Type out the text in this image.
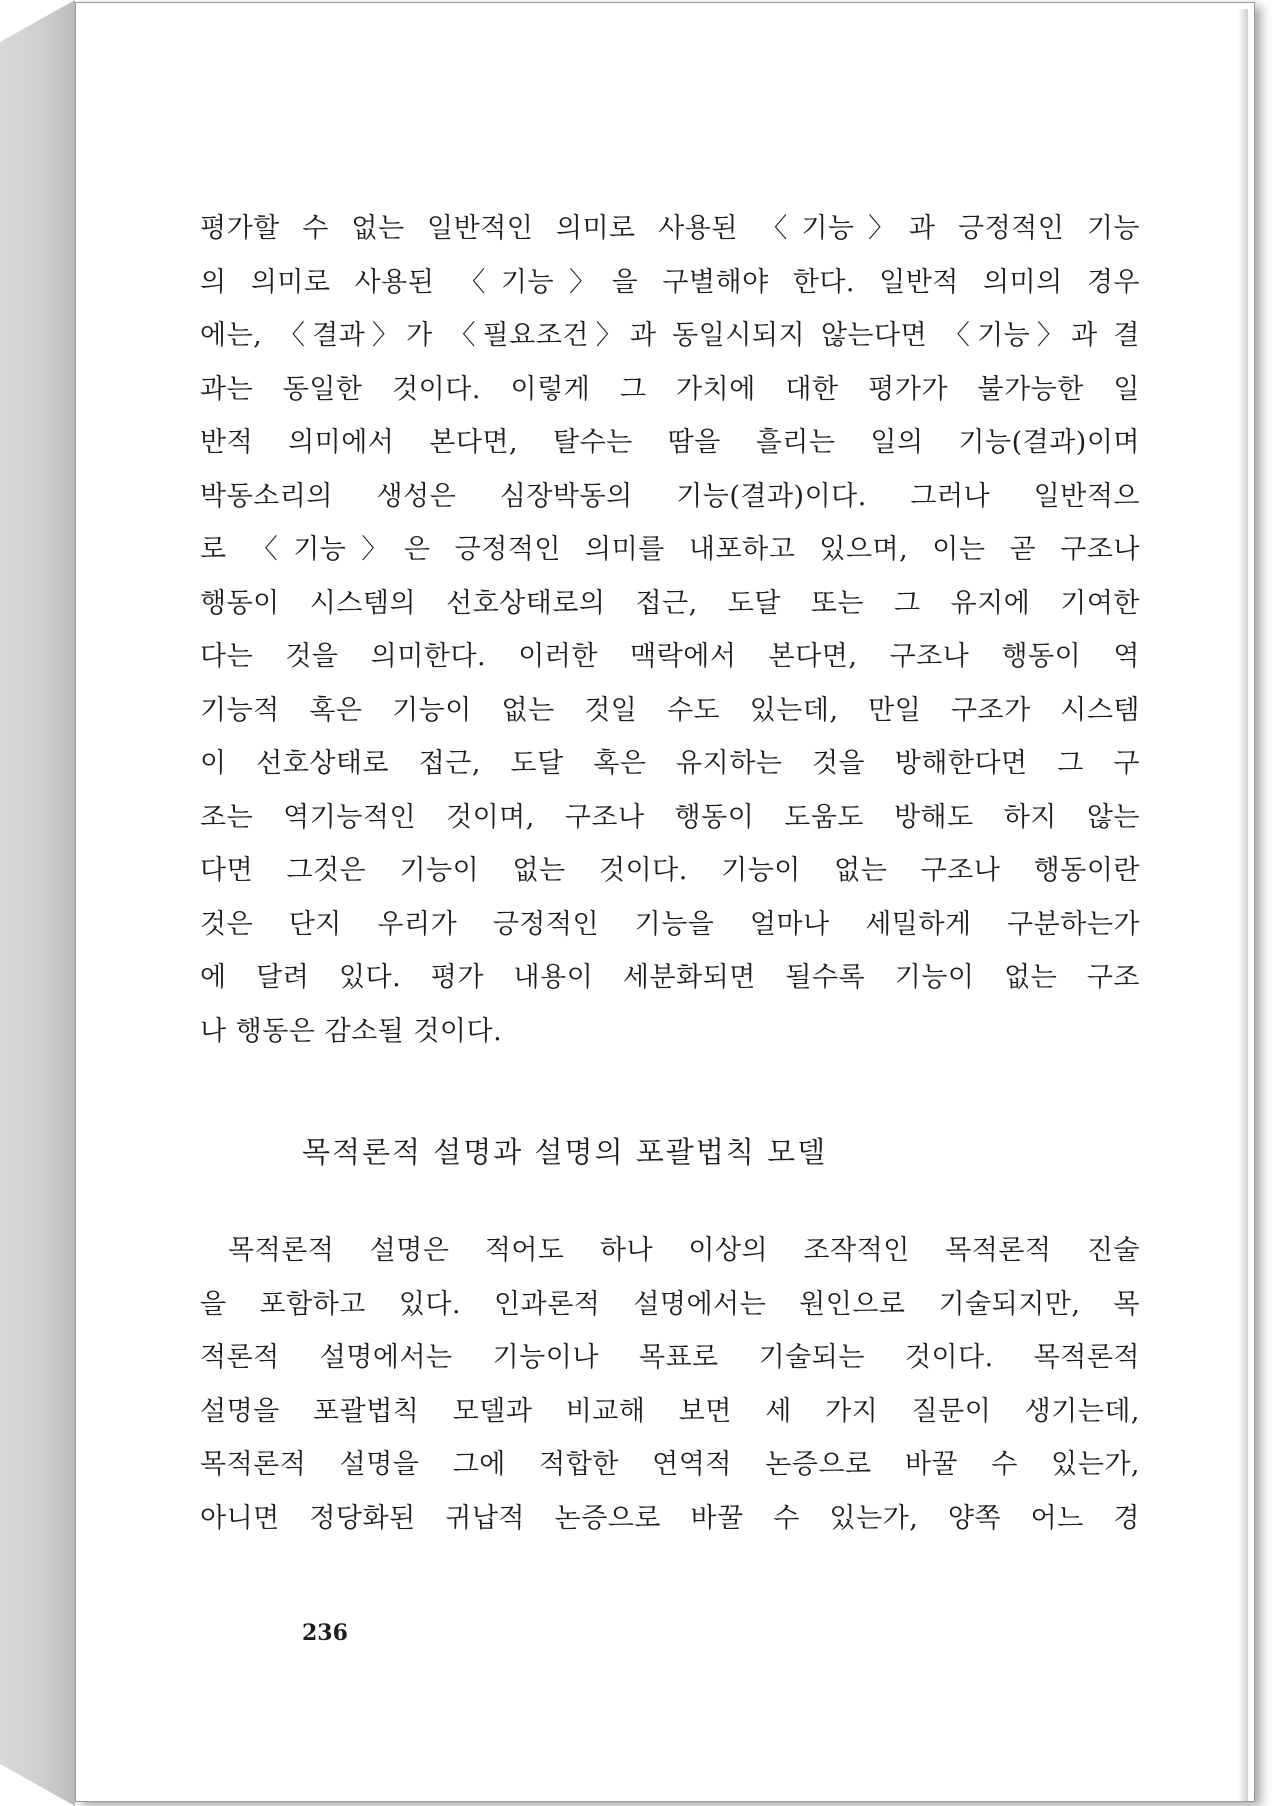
평가할 수 없는 일반적인 의미로 사용된 〈기능〉과 긍정적인 기능
의 의미로 사용된 〈기능〉을 구별해야 한다. 일반적 의미의 경우
에는, 〈결과〉가 〈필요조건〉과 동일시되지 않는다면 〈기능〉과 결
과는 동일한 것이다. 이렇게 그 가치에 대한 평가가 불가능한 일
반적 의미에서 본다면, 탈수는 땀을 흘리는 일의 기능(결과)이며
박동소리의 생성은 심장박동의 기능(결과)이다. 그러나 일반적으
로 〈기능〉은 긍정적인 의미를 내포하고 있으며, 이는 곧 구조나
행동이 시스템의 선호상태로의 접근, 도달 또는 그 유지에 기여한
다는 것을 의미한다. 이러한 맥락에서 본다면, 구조나 행동이 역
기능적 혹은 기능이 없는 것일 수도 있는데, 만일 구조가 시스템
이 선호상태로 접근, 도달 혹은 유지하는 것을 방해한다면 그 구
조는 역기능적인 것이며, 구조나 행동이 도움도 방해도 하지 않는
다면 그것은 기능이 없는 것이다. 기능이 없는 구조나 행동이란
것은 단지 우리가 긍정적인 기능을 얼마나 세밀하게 구분하는가
에 달려 있다. 평가 내용이 세분화되면 될수록 기능이 없는 구조
나 행동은 감소될 것이다.
목적론적 설명과 설명의 포괄법칙 모델
목적론적 설명은 적어도 하나 이상의 조작적인 목적론적 진술
을 포함하고 있다. 인과론적 설명에서는 원인으로 기술되지만, 목
적론적 설명에서는 기능이나 목표로 기술되는 것이다. 목적론적
설명을 포괄법칙 모델과 비교해 보면 세 가지 질문이 생기는데,
목적론적 설명을 그에 적합한 연역적 논증으로 바꿀 수 있는가,
아니면 정당화된 귀납적 논증으로 바꿀 수 있는가, 양쪽 어느 경
236
